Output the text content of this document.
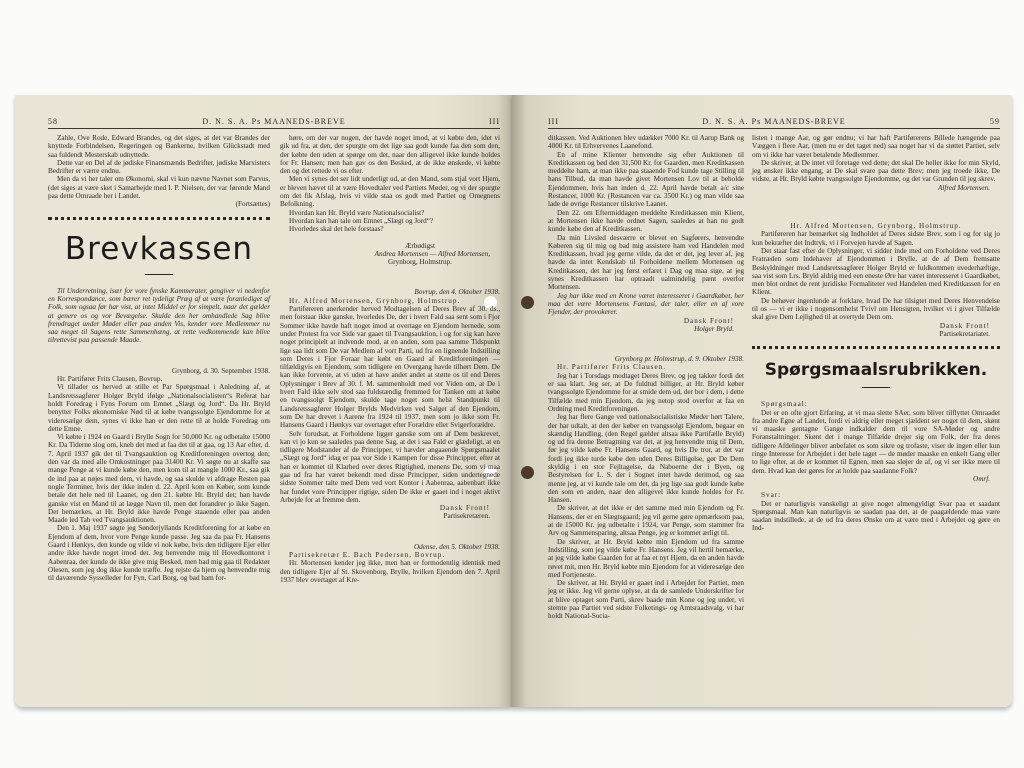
58	D. N. S. A. Ps MAANEDS-BREVE	III	III	D. N. S. A. Ps MAANEDS-BREVE	59

Zahle, Ove Rode, Edward Brandes, og det siges, at det var Brandes der knyttede Forbindelsen, Regeringen og Bankerne, hvilken Glückstadt med saa fuldendt Mesterskab udnyttede.

Dette var en Del af de jødiske Finansmænds Bedrifter, jødiske Marxisters Bedrifter er værre endnu.

Men da vi her taler om Økonomi, skal vi kun nævne Navnet som Parvus, (det siges at være sket i Samarbejde med I. P. Nielsen, der var førende Mand paa dette Omraade her i Landet.

(Fortsættes)
Brevkassen

Til Underretning, især for vore fynske Kammerater, gengiver vi nedenfor en Korrespondance, som bærer ret tydeligt Præg af at være foranlediget af Folk, som ogsaa før har vist, at intet Middel er for simpelt, naar det gælder at genere os og vor Bevægelse. Skulde den her omhandlede Sag blive fremdraget under Møder eller paa anden Vis, kender vore Medlemmer nu saa meget til Sagens rette Sammenhæng, at rette vedkommende kan blive tilrettevist paa passende Maade.

Grynborg, d. 30. September 1938.
Hr. Partifører Frits Clausen, Bovrup.

Vi tillader os herved at stille et Par Spørgsmaal i Anledning af, at Landsretssagfører Holger Bryld ifølge „Nationalsocialisten“s Referat har holdt Foredrag i Fyns Forum om Emnet „Slægt og Jord“. Da Hr. Bryld benytter Folks økonomiske Nød til at købe tvangssolgte Ejendomme for at videresælge dem, synes vi ikke han er den rette til at holde Foredrag om dette Emne.

Vi købte i 1924 en Gaard i Brylle Sogn for 50,000 Kr. og udbetalte 15000 Kr. Da Tiderne slog om, kneb det med at faa det til at gaa, og 13 Aar efter, d. 7. April 1937 gik det til Tvangsauktion og Kreditforeningen overtog den; den var da med alle Omkostninger paa 31400 Kr. Vi søgte nu at skaffe saa mange Penge at vi kunde købe den, men kom til at mangle 1000 Kr., saa gik de ind paa at nøjes med dem, vi havde, og saa skulde vi afdrage Resten paa nogle Terminer, hvis der ikke inden d. 22. April kom en Køber, som kunde betale det hele ned til Laanet, og den 21. købte Hr. Bryld det; han havde ganske vist en Mand til at lægge Navn til, men det forandrer jo ikke Sagen. Det bemærkes, at Hr. Bryld ikke havde Penge staaende eller paa anden Maade led Tab ved Tvangsauktionen.

Den 1. Maj 1937 søgte jeg Sønderjyllands Kreditforening for at købe en Ejendom af dem, hvor vore Penge kunde passe. Jeg saa da paa Fr. Hansens Gaard i Hønkys, den kunde og vilde vi nok købe, hvis den tidligere Ejer eller andre ikke havde noget imod det. Jeg henvendte mig til Hovedkontoret i Aabenraa, der kunde de ikke give mig Besked, men bad mig gaa til Redaktør Olesen, som jeg dog ikke kunde træffe. Jeg rejste da hjem og henvendte mig til daværende Sysselleder for Fyn, Carl Borg, og bad ham for-

høre, om der var nogen, der havde noget imod, at vi købte den, idet vi gik ud fra, at den, der spurgte om det lige saa godt kunde faa den som den, der købte den uden at spørge om det, naar den alligevel ikke kunde holdes for Fr. Hansen; men han gav os den Besked, at de ikke ønskede, vi købte den og det rettede vi os efter.

Men vi synes det ser lidt underligt ud, at den Mand, som stjal vort Hjem, er bleven hævet til at være Hovedtaler ved Partiets Møder, og vi der spurgte om det fik Afslag, hvis vi vilde staa os godt med Partiet og Omegnens Befolkning.

Hvordan kan Hr. Bryld være Nationalsocialist?
Hvordan kan han tale om Emnet „Slægt og Jord“?
Hvorledes skal det hele forstaas?
Ærbødigst
Andrea Mortensen — Alfred Mortensen,
Grynborg, Holmstrup.
Bovrup, den 4. Oktober 1938.
Hr. Alfred Mortensen, Grynborg, Holmstrup.

Partiføreren anerkender herved Modtagelsen af Deres Brev af 30. ds., men forstaar ikke ganske, hvorledes De, der i hvert Fald saa sent som i Fjor Sommer ikke havde haft noget imod at overtage en Ejendom hernede, som under Protest fra vor Side var gaaet til Tvangsauktion, i og for sig kan have noget principielt at indvende mod, at en anden, som paa samme Tidspunkt lige saa lidt som De var Medlem af vort Parti, ud fra en lignende Indstilling som Deres i Fjor Foraar har købt en Gaard af Kreditforeningen — tilfældigvis en Ejendom, som tidligere en Overgang havde tilhørt Dem. De kan ikke forvente, at vi uden at have andet andet at støtte os til end Deres Oplysninger i Brev af 30. f. M. sammenholdt med vor Viden om, at De i hvert Fald ikke selv stod saa fuldstændig fremmed for Tanken om at købe en tvangssolgt Ejendom, skulde tage noget som helst Standpunkt til Landsretssagfører Holger Brylds Medvirken ved Salget af den Ejendom, som De har drevet i Aarene fra 1924 til 1937, men som jo ikke som Fr. Hansens Gaard i Hønkys var overtaget efter Forældre eller Svigerforældre.

Selv forudsat, at Forholdene ligger ganske som om af Dem beskrevet, kan vi jo kun se saaledes paa denne Sag, at det i saa Fald er glædeligt, at en tidligere Modstander af de Principper, vi hævder angaaende Spørgsmaalet „Slægt og Jord“ idag er paa vor Side i Kampen for disse Principper, efter at han er kommet til Klarhed over deres Rigtighed, menens De, som vi maa gaa ud fra har været bekendt med disse Principper, siden undertegnede sidste Sommer talte med Dem ved vort Kontor i Aabenraa, aabenbart ikke har fundet vore Principper rigtige, siden De ikke er gaaet ind i noget aktivt Arbejde for at fremme dem.

Dansk Front!
Partisekretæren.
Odense, den 5. Oktober 1938.
Partisekretær E. Bach Pedersen, Bovrup.

Hr. Mortensen kender jeg ikke, men han er formodentlig identisk med den tidligere Ejer af St. Skovenborg, Brylle, hvilken Ejendom den 7. April 1937 blev overtaget af Kre-

ditkassen. Ved Auktionen blev udækket 7000 Kr. til Aarup Bank og 4000 Kr. til Erhvervenes Laanefond.

En af mine Klienter henvendte sig efter Auktionen til Kreditkassen og bød den 31,500 Kr. for Gaarden, men Kreditkassen meddelte ham, at man ikke paa staaende Fod kunde tage Stilling til hans Tilbud, da man havde givet Mortensen Lov til at beholde Ejendommen, hvis han inden d. 22. April havde betalt a/c sine Restancer, 1000 Kr. (Restancen var ca. 3500 Kr.) og man vilde saa lade de øvrige Restancer tilskrive Laanet.

Den 22. om Eftermiddagen meddelte Kreditkassen min Klient, at Mortensen ikke havde ordnet Sagen, saaledes at han nu godt kunde købe den af Kreditkassen.

Da min Livsled desværre er blevet en Sagførers, henvendte Køberen sig til mig og bad mig assistere ham ved Handelen med Kreditkassen, hvad jeg gerne vilde, da det er det, jeg lever af, jeg havde da intet Kendskab til Forholdene mellem Mortensen og Kreditkassen, det har jeg først erfaret i Dag og maa sige, at jeg synes Kreditkassen har optraadt ualmindelig pænt overfor Mortensen.

Jeg har ikke med en Krone været interesseret i Gaardkøbet, her maa det være Mortensens Fantasi, der taler, eller en af vore Fjender, der provokerer.

Dansk Front!
Holger Bryld.
Grynborg pr. Holmstrup, d. 9. Oktober 1938.
Hr. Partifører Frits Clausen.

Jeg har i Torsdags modtaget Deres Brev, og jeg takker fordi det er saa klart. Jeg ser, at De fuldtud billiger, at Hr. Bryld køber tvangssolgte Ejendomme for at smide dem ud, der bor i dem, i dette Tilfælde med min Ejendom, da jeg netop stod overfor at faa en Ordning med Kreditforeningen.

Jeg har flere Gange ved nationalsocialistiske Møder hørt Talere, der har udtalt, at den der køber en tvangssolgt Ejendom, begaar en skændig Handling, (den Regel gælder altsaa ikke Partifælle Bryld) og ud fra denne Betragtning var det, at jeg henvendte mig til Dem, før jeg vilde købe Fr. Hansens Gaard, og hvis De tror, at det var fordi jeg ikke turde købe den uden Deres Billigelse, gør De Dem skyldig i en stor Fejltagelse, da Naboerne der i Byen, og Bestyrelsen for L. S. der i Sognet intet havde derimod, og saa mente jeg, at vi kunde tale om det, da jeg lige saa godt kunde købe den som en anden, naar den alligevel ikke kunde holdes for Fr. Hansen.

De skriver, at det ikke er det samme med min Ejendom og Fr. Hansens, der er en Slægtsgaard; jeg vil gerne gøre opmærksom paa, at de 15000 Kr. jeg udbetalte i 1924, var Penge, som stammer fra Arv og Sammensparing, altsaa Penge, jeg er kommet ærligt til.

De skriver, at Hr. Bryld købte min Ejendom ud fra samme Indstilling, som jeg vilde købe Fr. Hansens. Jeg vil hertil bemærke, at jeg vilde købe Gaarden for at faa et nyt Hjem, da en anden havde røvet mit, men Hr. Bryld købte min Ejendom for at videresælge den med Fortjeneste.

De skriver, at Hr. Bryld er gaaet ind i Arbejdet for Partiet, men jeg er ikke. Jeg vil gerne oplyse, at da de samlede Underskrifter for at blive optaget som Parti, skrev baade min Kone og jeg under, vi stemte paa Partiet ved sidste Folketings- og Amtsraadsvalg, vi har holdt National-Socia-

listen i mange Aar, og gør endnu; vi har haft Partiførerens Billede hængende paa Væggen i flere Aar, (men nu er det taget ned) saa noget har vi da støttet Partiet, selv om vi ikke har været betalende Medlemmer.

De skriver, at De intet vil foretage ved dette; det skal De heller ikke for min Skyld, jeg ønsker ikke engang, at De skal svare paa dette Brev; men jeg troede ikke, De vidste, at Hr. Bryld købte tvangssolgte Ejendomme, og det var Grunden til jeg skrev.

Alfred Mortensen.
Hr. Alfred Mortensen, Grynborg, Holmstrup.

Partiføreren har bemærket sig Indholdet af Deres sidste Brev, som i og for sig jo kun bekræfter det Indtryk, vi i Forvejen havde af Sagen.

Det staar fast efter de Oplysninger, vi sidder inde med om Forholdene ved Deres Fratræden som Indehaver af Ejendommen i Brylle, at de af Dem fremsatte Beskyldninger mod Landsretssagfører Holger Bryld er fuldkommen uvederhæftige, saa vist som Lrs. Bryld aldrig med een eneste Øre har været interesseret i Gaardkøbet, men blot ordnet de rent juridiske Formaliteter ved Handelen med Kreditkassen for en Klient.

De behøver ingenlunde at forklare, hvad De har tilsigtet med Deres Henvendelse til os — vi er ikke i nogensomhelst Tvivl om Hensigten, hvilket vi i givet Tilfælde skal give Dem Lejlighed til at overtyde Dem om.

Dansk Front!
Partisekretariatet.
Spørgsmaalsrubrikken.
Spørgsmaal:

Det er en ofte gjort Erfaring, at vi maa slette SAer, som bliver tilflyttet Omraadet fra andre Egne af Landet, fordi vi aldrig eller meget sjældent ser noget til dem, skønt vi maaske gentagne Gange indkalder dem til vore SA-Møder og andre Foranstaltninger. Skønt det i mange Tilfælde drejer sig om Folk, der fra deres tidligere Afdelinger bliver anbefalet os som sikre og trofaste, viser de ingen eller kun ringe Interesse for Arbejdet i det hele taget — de møder maaske en enkelt Gang eller to lige efter, at de er kommet til Egnen, men saa sløjer de af, og vi ser ikke mere til dem. Hvad kan der gøres for at holde paa saadanne Folk?

Omrf.
Svar:

Det er naturligvis vanskeligt at give noget almengyldigt Svar paa et saadant Spørgsmaal. Man kan naturligvis se saadan paa det, at de paagældende maa være saadan indstillede, at de ud fra deres Ønske om at være med i Arbejdet og gøre en Ind-
